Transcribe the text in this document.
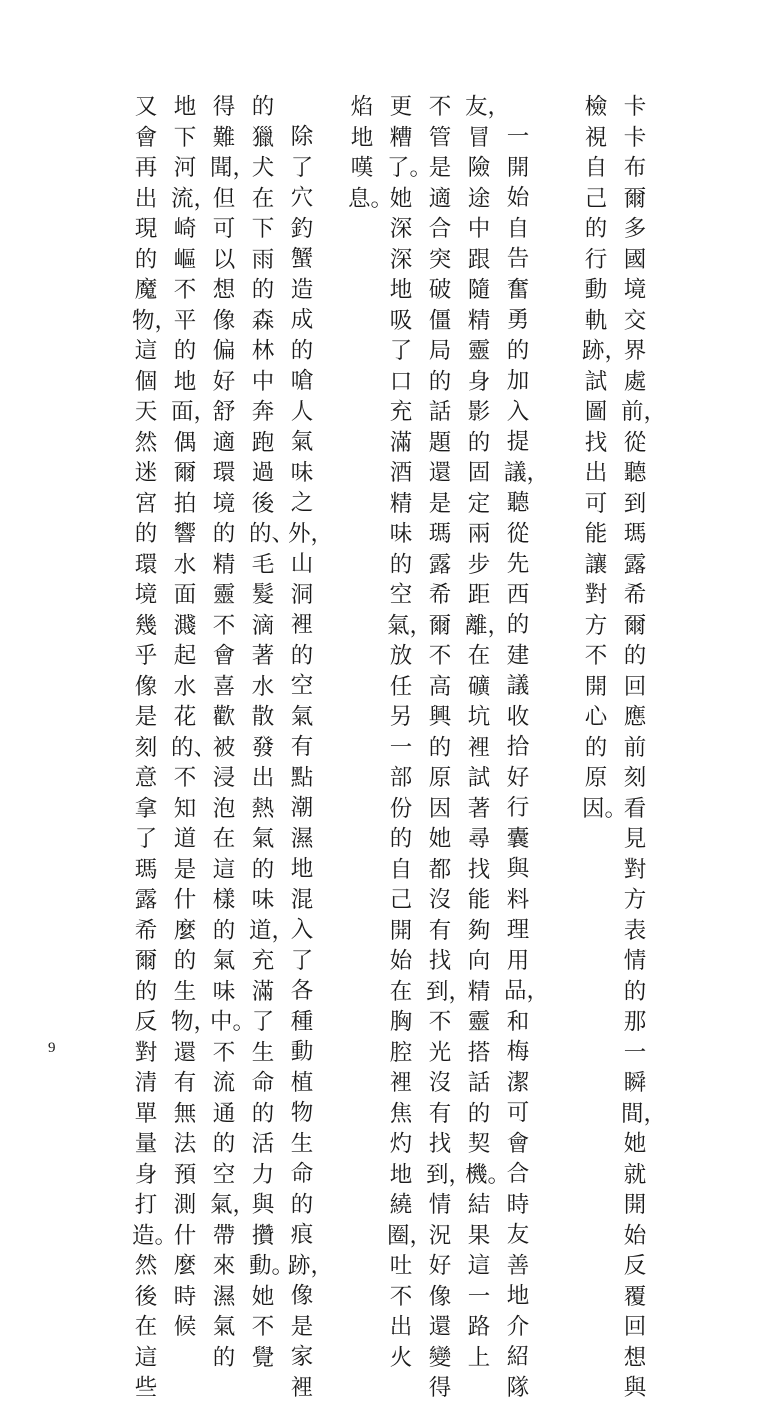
卡卡布爾多國境交界處前，從聽到瑪露希爾的回應前刻看見對方表情的那一瞬間，她就開始反覆回想與
檢視自己的行動軌跡，試圖找出可能讓對方不開心的原因。
一開始自告奮勇的加入提議，聽從先西的建議收拾好行囊與料理用品，和梅潔可會合時友善地介紹隊
友，冒險途中跟隨精靈身影的固定兩步距離，在礦坑裡試著尋找能夠向精靈搭話的契機。結果這一路上
不管是適合突破僵局的話題還是瑪露希爾不高興的原因她都沒有找到，不光沒有找到，情況好像還變得
更糟了。她深深地吸了口充滿酒精味的空氣，放任另一部份的自己開始在胸腔裡焦灼地繞圈，吐不出火
焰地嘆息。
除了穴釣蟹造成的嗆人氣味之外，山洞裡的空氣有點潮濕地混入了各種動植物生命的痕跡，像是家裡
的獵犬在下雨的森林中奔跑過後的、毛髮滴著水散發出熱氣的味道，充滿了生命的活力與攢動。她不覺
得難聞，但可以想像偏好舒適環境的精靈不會喜歡被浸泡在這樣的氣味中。不流通的空氣，帶來濕氣的
地下河流，崎嶇不平的地面，偶爾拍響水面濺起水花的、不知道是什麼的生物，還有無法預測什麼時候
又會再出現的魔物，這個天然迷宮的環境幾乎像是刻意拿了瑪露希爾的反對清單量身打造。然後在這些
9
